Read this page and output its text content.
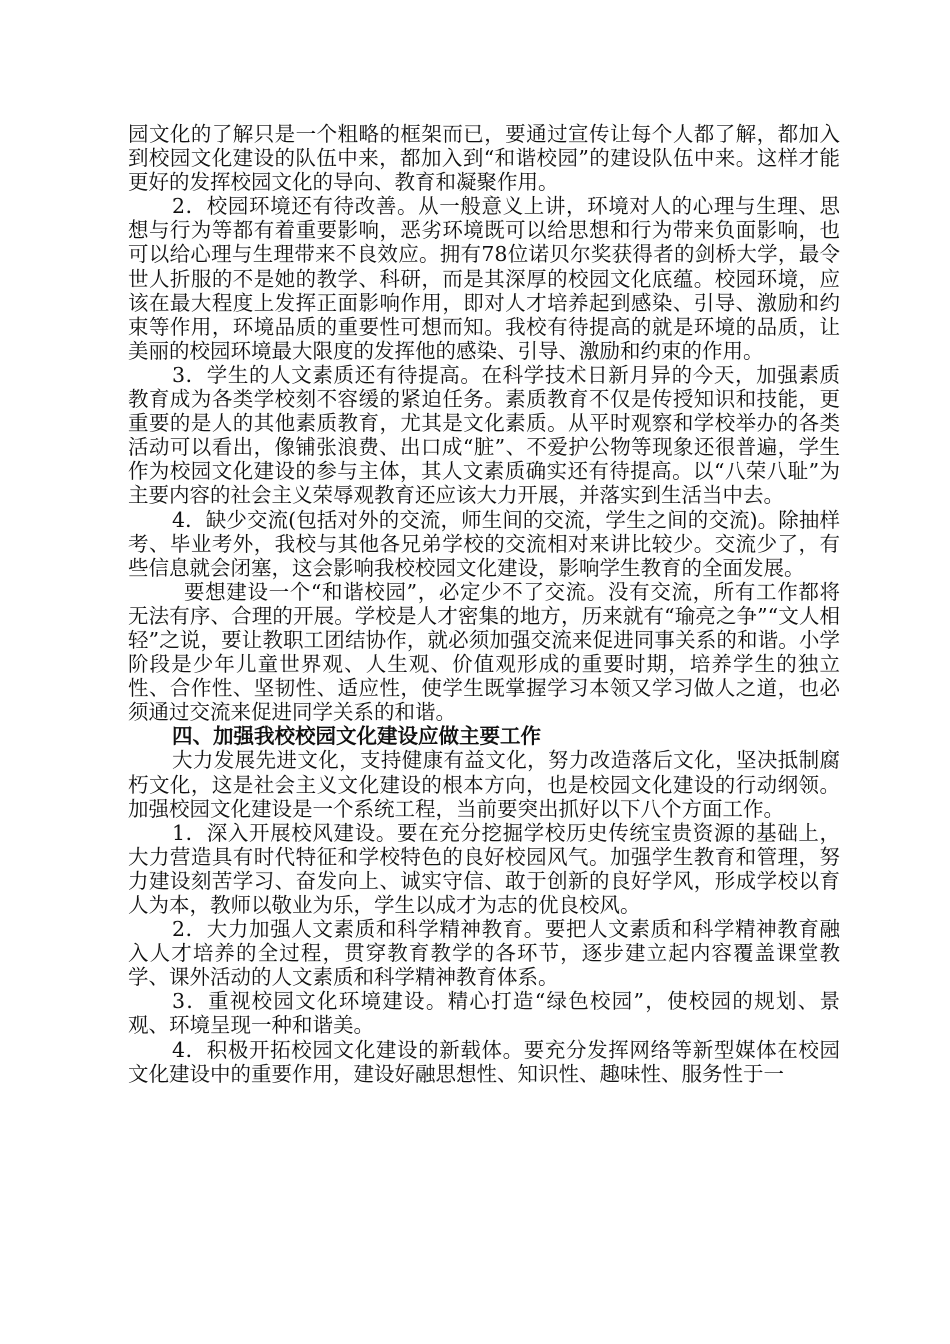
园文化的了解只是一个粗略的框架而已，要通过宣传让每个人都了解，都加入到校园文化建设的队伍中来，都加入到“和谐校园”的建设队伍中来。这样才能更好的发挥校园文化的导向、教育和凝聚作用。

2．校园环境还有待改善。从一般意义上讲，环境对人的心理与生理、思想与行为等都有着重要影响，恶劣环境既可以给思想和行为带来负面影响，也可以给心理与生理带来不良效应。拥有78位诺贝尔奖获得者的剑桥大学，最令世人折服的不是她的教学、科研，而是其深厚的校园文化底蕴。校园环境，应该在最大程度上发挥正面影响作用，即对人才培养起到感染、引导、激励和约束等作用，环境品质的重要性可想而知。我校有待提高的就是环境的品质，让美丽的校园环境最大限度的发挥他的感染、引导、激励和约束的作用。

3．学生的人文素质还有待提高。在科学技术日新月异的今天，加强素质教育成为各类学校刻不容缓的紧迫任务。素质教育不仅是传授知识和技能，更重要的是人的其他素质教育，尤其是文化素质。从平时观察和学校举办的各类活动可以看出，像铺张浪费、出口成“脏”、不爱护公物等现象还很普遍，学生作为校园文化建设的参与主体，其人文素质确实还有待提高。以“八荣八耻”为主要内容的社会主义荣辱观教育还应该大力开展，并落实到生活当中去。

4．缺少交流(包括对外的交流，师生间的交流，学生之间的交流)。除抽样考、毕业考外，我校与其他各兄弟学校的交流相对来讲比较少。交流少了，有些信息就会闭塞，这会影响我校校园文化建设，影响学生教育的全面发展。

要想建设一个“和谐校园”，必定少不了交流。没有交流，所有工作都将无法有序、合理的开展。学校是人才密集的地方，历来就有“瑜亮之争”“文人相轻”之说，要让教职工团结协作，就必须加强交流来促进同事关系的和谐。小学阶段是少年儿童世界观、人生观、价值观形成的重要时期，培养学生的独立性、合作性、坚韧性、适应性，使学生既掌握学习本领又学习做人之道，也必须通过交流来促进同学关系的和谐。

四、加强我校校园文化建设应做主要工作

大力发展先进文化，支持健康有益文化，努力改造落后文化，坚决抵制腐朽文化，这是社会主义文化建设的根本方向，也是校园文化建设的行动纲领。加强校园文化建设是一个系统工程，当前要突出抓好以下八个方面工作。

1．深入开展校风建设。要在充分挖掘学校历史传统宝贵资源的基础上，大力营造具有时代特征和学校特色的良好校园风气。加强学生教育和管理，努力建设刻苦学习、奋发向上、诚实守信、敢于创新的良好学风，形成学校以育人为本，教师以敬业为乐，学生以成才为志的优良校风。

2．大力加强人文素质和科学精神教育。要把人文素质和科学精神教育融入人才培养的全过程，贯穿教育教学的各环节，逐步建立起内容覆盖课堂教学、课外活动的人文素质和科学精神教育体系。

3．重视校园文化环境建设。精心打造“绿色校园”，使校园的规划、景观、环境呈现一种和谐美。

4．积极开拓校园文化建设的新载体。要充分发挥网络等新型媒体在校园文化建设中的重要作用，建设好融思想性、知识性、趣味性、服务性于一
